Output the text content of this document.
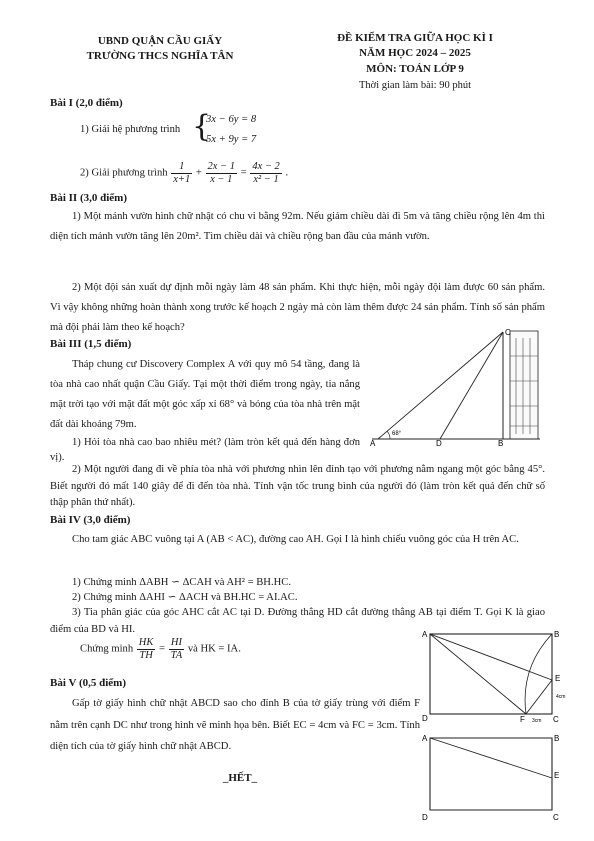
UBND QUẬN CẦU GIẤY
TRƯỜNG THCS NGHĨA TÂN
ĐỀ KIỂM TRA GIỮA HỌC KÌ I
NĂM HỌC 2024 – 2025
MÔN: TOÁN LỚP 9
Thời gian làm bài: 90 phút
Bài I (2,0 điểm)
1) Giải hệ phương trình {
3x − 6y = 8
5x + 9y = 7
2) Giải phương trình $\frac{1}{x+1} + \frac{2x - 1}{x - 1} = \frac{4x - 2}{\text{x² − 1}}$ .
Bài II (3,0 điểm)
1) Một mảnh vườn hình chữ nhật có chu vi bằng 92m. Nếu giảm chiều dài đi 5m và tăng chiều rộng lên 4m thì diện tích mảnh vườn tăng lên 20m². Tìm chiều dài và chiều rộng ban đầu của mảnh vườn.
2) Một đội sản xuất dự định mỗi ngày làm 48 sản phẩm. Khi thực hiện, mỗi ngày đội làm được 60 sản phẩm. Vì vậy không những hoàn thành xong trước kế hoạch 2 ngày mà còn làm thêm được 24 sản phẩm. Tính số sản phẩm mà đội phải làm theo kế hoạch?
Bài III (1,5 điểm)
Tháp chung cư Discovery Complex A với quy mô 54 tầng, đang là tòa nhà cao nhất quận Cầu Giấy. Tại một thời điểm trong ngày, tia nắng mặt trời tạo với mặt đất một góc xấp xỉ 68° và bóng của tòa nhà trên mặt đất dài khoảng 79m.
1) Hỏi tòa nhà cao bao nhiêu mét? (làm tròn kết quả đến hàng đơn vị).
2) Một người đang đi về phía tòa nhà với phương nhìn lên đỉnh tạo với phương nằm ngang một góc bằng 45°. Biết người đó mất 140 giây để đi đến tòa nhà. Tính vận tốc trung bình của người đó (làm tròn kết quả đến chữ số thập phân thứ nhất).
C
A	D	B
68°
Bài IV (3,0 điểm)
Cho tam giác ABC vuông tại A (AB < AC), đường cao AH. Gọi I là hình chiếu vuông góc của H trên AC.
1) Chứng minh ΔABH ∽ ΔCAH và AH² = BH.HC.
2) Chứng minh ΔAHI ∽ ΔACH và BH.HC = AI.AC.
3) Tia phân giác của góc AHC cắt AC tại D. Đường thẳng HD cắt đường thẳng AB tại điểm T. Gọi K là giao điểm của BD và HI.
Chứng minh $\frac{HK}{TH} = \frac{HI}{TA}$ và HK = IA.
Bài V (0,5 điểm)
Gấp tờ giấy hình chữ nhật ABCD sao cho đỉnh B của tờ giấy trùng với điểm F nằm trên cạnh DC như trong hình vẽ minh họa bên. Biết EC = 4cm và FC = 3cm. Tính diện tích của tờ giấy hình chữ nhật ABCD.
A	B
E
4cm
D	F 3cm C
A	B
E
D	C
_HẾT_
